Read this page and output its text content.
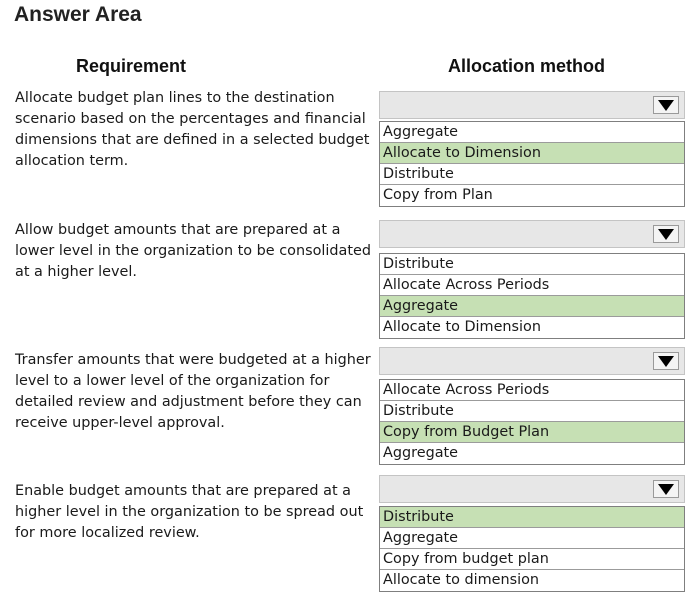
Answer Area
Requirement	Allocation method
Allocate budget plan lines to the destination
scenario based on the percentages and financial
dimensions that are defined in a selected budget
allocation term.
Aggregate
Allocate to Dimension
Distribute
Copy from Plan
Allow budget amounts that are prepared at a
lower level in the organization to be consolidated
at a higher level.	Distribute
Allocate Across Periods
Aggregate
Allocate to Dimension
Transfer amounts that were budgeted at a higher
level to a lower level of the organization for
detailed review and adjustment before they can
receive upper-level approval.
Allocate Across Periods
Distribute
Copy from Budget Plan
Aggregate
Enable budget amounts that are prepared at a
higher level in the organization to be spread out
for more localized review.
Distribute
Aggregate
Copy from budget plan
Allocate to dimension
